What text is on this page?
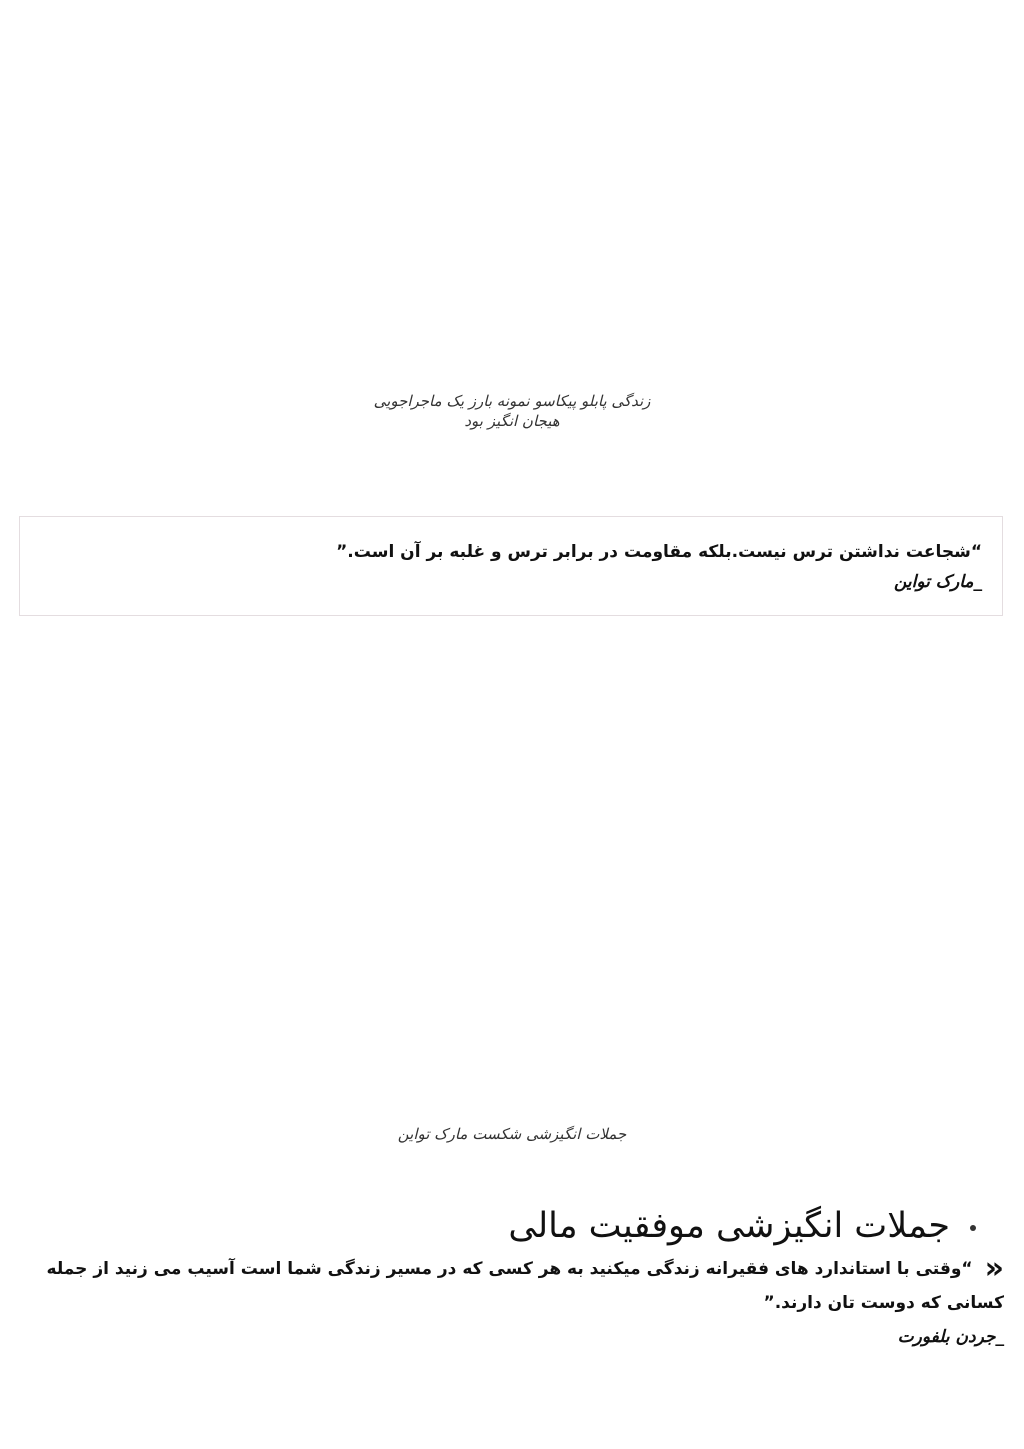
زندگی پابلو پیکاسو نمونه بارز یک ماجراجویی هیجان انگیز بود
“شجاعت نداشتن ترس نیست.بلکه مقاومت در برابر ترس و غلبه بر آن است.”
_مارک تواین
جملات انگیزشی شکست مارک تواین
جملات انگیزشی موفقیت مالی
«“وقتی با استاندارد های فقیرانه زندگی میکنید به هر کسی که در مسیر زندگی شما است آسیب می زنید از جمله کسانی که دوست تان دارند.”
_جردن بلفورت
